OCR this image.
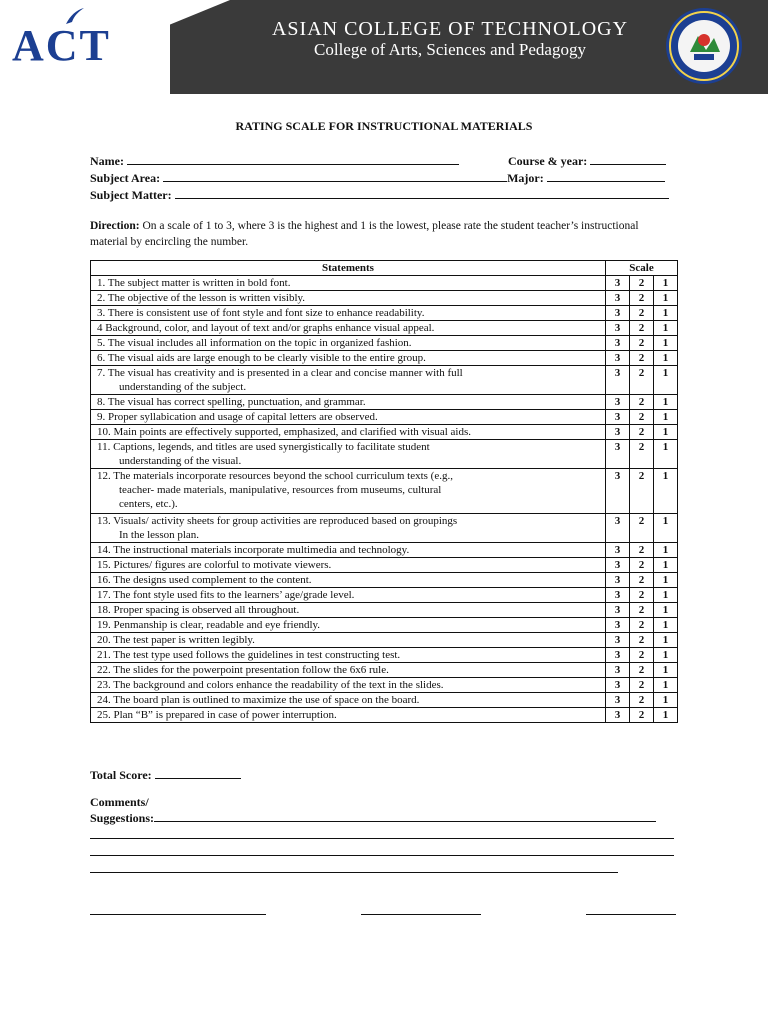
ACT	ASIAN COLLEGE OF TECHNOLOGY
College of Arts, Sciences and Pedagogy
RATING SCALE FOR INSTRUCTIONAL MATERIALS
Name:	Course & year:
Subject Area:	Major:
Subject Matter:
Direction: On a scale of 1 to 3, where 3 is the highest and 1 is the lowest, please rate the student teacher’s instructional material by encircling the number.
Statements	Scale		
1. The subject matter is written in bold font.	3	2	1
2. The objective of the lesson is written visibly.	3	2	1
3. There is consistent use of font style and font size to enhance readability.	3	2	1
4 Background, color, and layout of text and/or graphs enhance visual appeal.	3	2	1
5. The visual includes all information on the topic in organized fashion.	3	2	1
6. The visual aids are large enough to be clearly visible to the entire group.	3	2	1
7. The visual has creativity and is presented in a clear and concise manner with full
understanding of the subject.	3	2	1
8. The visual has correct spelling, punctuation, and grammar.	3	2	1
9. Proper syllabication and usage of capital letters are observed.	3	2	1
10. Main points are effectively supported, emphasized, and clarified with visual aids.	3	2	1
11. Captions, legends, and titles are used synergistically to facilitate student
understanding of the visual.	3	2	1
12. The materials incorporate resources beyond the school curriculum texts (e.g.,
teacher- made materials, manipulative, resources from museums, cultural
centers, etc.).	3	2	1
13. Visuals/ activity sheets for group activities are reproduced based on groupings
In the lesson plan.	3	2	1
14. The instructional materials incorporate multimedia and technology.	3	2	1
15. Pictures/ figures are colorful to motivate viewers.	3	2	1
16. The designs used complement to the content.	3	2	1
17. The font style used fits to the learners’ age/grade level.	3	2	1
18. Proper spacing is observed all throughout.	3	2	1
19. Penmanship is clear, readable and eye friendly.	3	2	1
20. The test paper is written legibly.	3	2	1
21. The test type used follows the guidelines in test constructing test.	3	2	1
22. The slides for the powerpoint presentation follow the 6x6 rule.	3	2	1
23. The background and colors enhance the readability of the text in the slides.	3	2	1
24. The board plan is outlined to maximize the use of space on the board.	3	2	1
25. Plan “B” is prepared in case of power interruption.	3	2	1
Total Score:
Comments/
Suggestions:
